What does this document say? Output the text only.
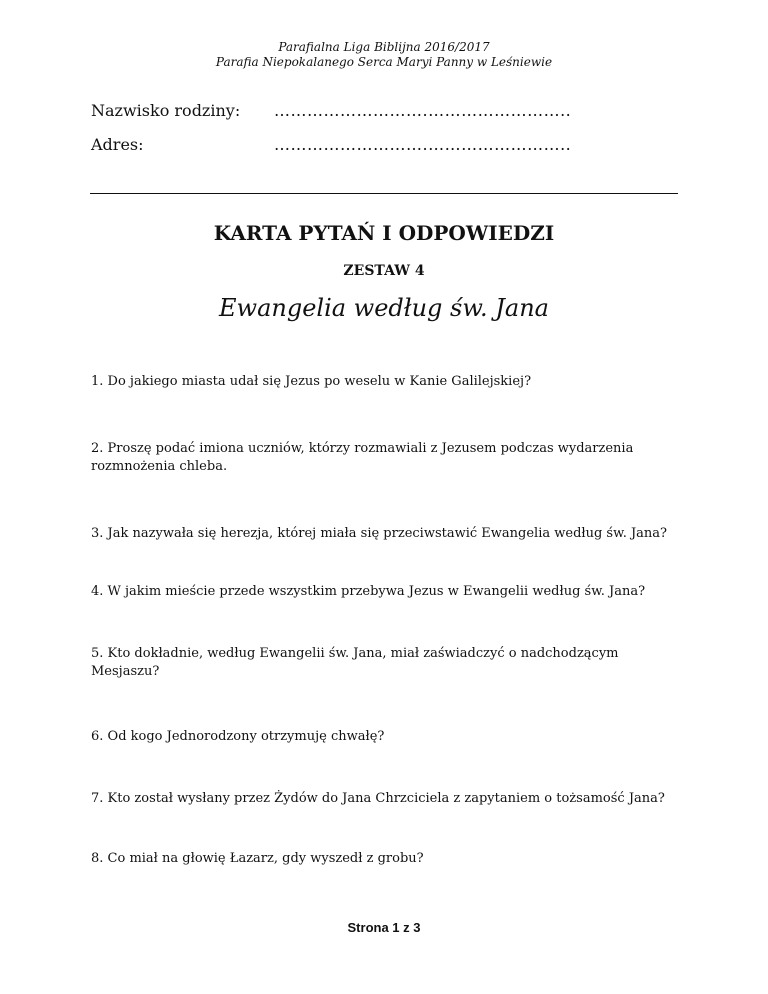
Parafialna Liga Biblijna 2016/2017
Parafia Niepokalanego Serca Maryi Panny w Leśniewie
Nazwisko rodziny: ……………………….……………………..
Adres:	……………………….……………………..
KARTA PYTAŃ I ODPOWIEDZI
ZESTAW 4
Ewangelia według św. Jana
1. Do jakiego miasta udał się Jezus po weselu w Kanie Galilejskiej?
2. Proszę podać imiona uczniów, którzy rozmawiali z Jezusem podczas wydarzenia rozmnożenia chleba.
3. Jak nazywała się herezja, której miała się przeciwstawić Ewangelia według św. Jana?
4. W jakim mieście przede wszystkim przebywa Jezus w Ewangelii według św. Jana?
5. Kto dokładnie, według Ewangelii św. Jana, miał zaświadczyć o nadchodzącym Mesjaszu?
6. Od kogo Jednorodzony otrzymuję chwałę?
7. Kto został wysłany przez Żydów do Jana Chrzciciela z zapytaniem o tożsamość Jana?
8. Co miał na głowię Łazarz, gdy wyszedł z grobu?
Strona 1 z 3
